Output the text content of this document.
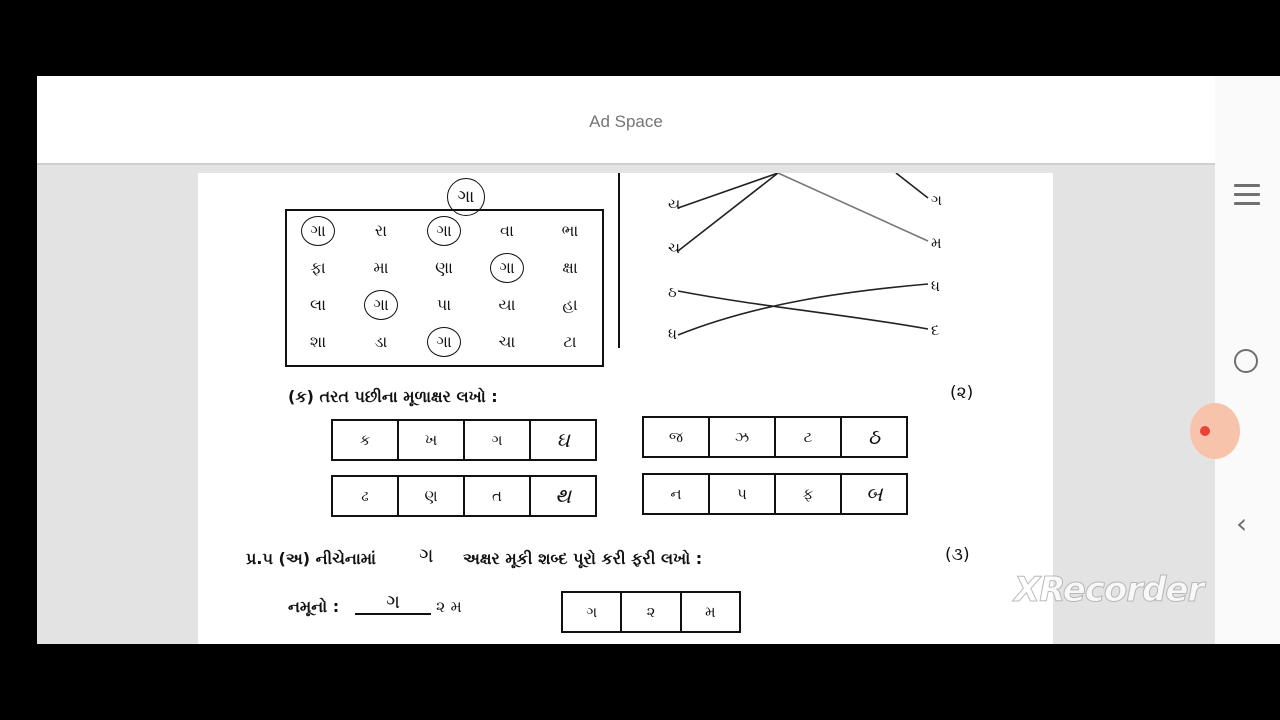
Ad Space
ગા
ગા	રા	ગા	વા	ભા
ફા	મા	ણા	ગા	ક્ષા
લા	ગા	પા	યા	હા
શા	ડા	ગા	ચા	ટા
ય
ચ
ઠ
ધ
ગ
મ
ધ
દ
(ક) તરત પછીના મૂળાક્ષર લખો :	(૨)
ક	ખ	ગ	ઘ	જ	ઝ	ટ	ઠ
ઢ	ણ	ત	થ	ન	પ	ફ	બ
પ્ર.૫ (અ) નીચેનામાં ગ અક્ષર મૂકી શબ્દ પૂરો કરી ફરી લખો :	(૩)
નમૂનો :	ગ	૨ મ	ગ	૨	મ
‹
XRecorder
